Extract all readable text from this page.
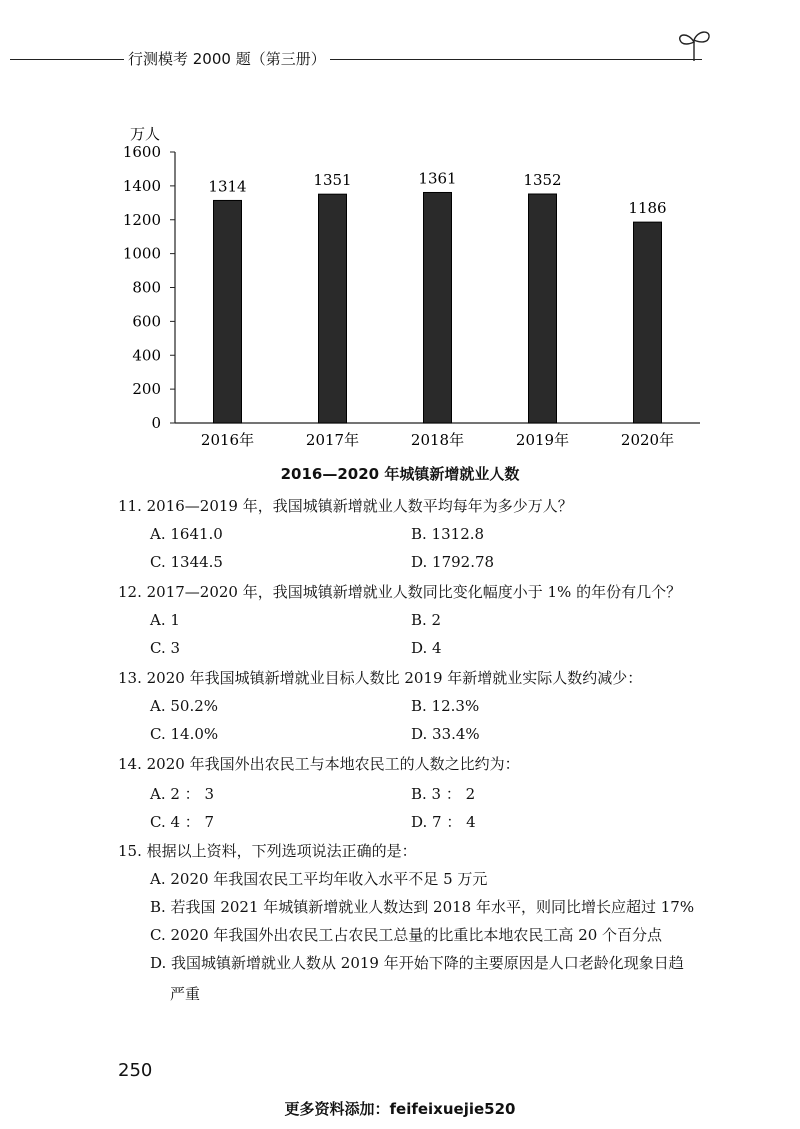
行测模考 2000 题（第三册）
万人
0
200
400
600
800
1000
1200
1400
1600
1314
2016年
1351
2017年
1361
2018年
1352
2019年
1186
2020年
2016—2020 年城镇新增就业人数
11. 2016—2019 年，我国城镇新增就业人数平均每年为多少万人？
A. 1641.0	B. 1312.8
C. 1344.5	D. 1792.78
12. 2017—2020 年，我国城镇新增就业人数同比变化幅度小于 1% 的年份有几个？
A. 1	B. 2
C. 3	D. 4
13. 2020 年我国城镇新增就业目标人数比 2019 年新增就业实际人数约减少：
A. 50.2%	B. 12.3%
C. 14.0%	D. 33.4%
14. 2020 年我国外出农民工与本地农民工的人数之比约为：
A. 2 ： 3	B. 3 ： 2
C. 4 ： 7	D. 7 ： 4
15. 根据以上资料，下列选项说法正确的是：
A. 2020 年我国农民工平均年收入水平不足 5 万元
B. 若我国 2021 年城镇新增就业人数达到 2018 年水平，则同比增长应超过 17%
C. 2020 年我国外出农民工占农民工总量的比重比本地农民工高 20 个百分点
D. 我国城镇新增就业人数从 2019 年开始下降的主要原因是人口老龄化现象日趋
严重
250
更多资料添加：feifeixuejie520
